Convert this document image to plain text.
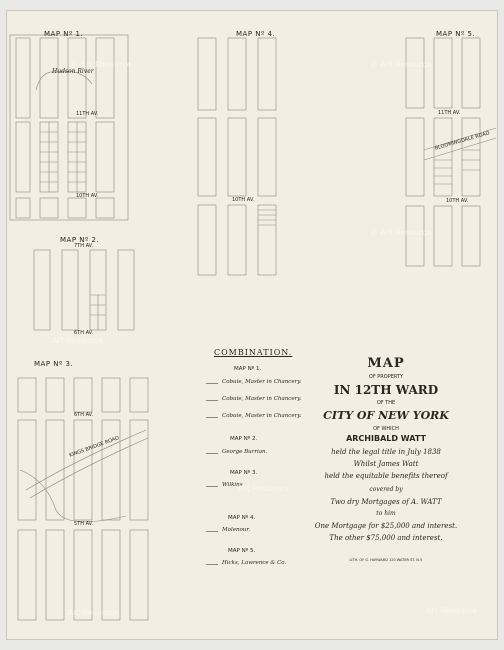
MAP Nº 1.	MAP Nº 4.	MAP Nº 5.
MAP Nº 2.
MAP Nº 3.
Hudson River
11TH AV.
10TH AV.
7TH AV.
6TH AV.
6TH AV.
5TH AV.
KINGS BRIDGE ROAD
10TH AV.
11TH AV.
10TH AV.
BLOOMINGDALE ROAD
COMBINATION.
MAP Nº 1.
Cobuie, Master in Chancery.
Cobuie, Master in Chancery.
Cobuie, Master in Chancery.
MAP Nº 2.
George Burrian.
MAP Nº 3.
Wilkins
MAP Nº 4.
Molenour.
MAP Nº 5.
Hicks, Lawrence & Co.
MAP
OF PROPERTY
IN 12TH WARD
OF THE
CITY OF NEW YORK
OF WHICH
ARCHIBALD WATT
held the legal title in July 1838
Whilst James Watt
held the equitable benefits thereof
covered by
Two dry Mortgages of A. WATT
to him
One Mortgage for $25,000 and interest.
The other $75,000 and interest.
LITH. OF G. HAYWARD 120 WATER ST. N.Y.
© Art Resource	© Art Resource
© Art Resource
Art Resource
Art Resource
Art Resource
Art Resource
